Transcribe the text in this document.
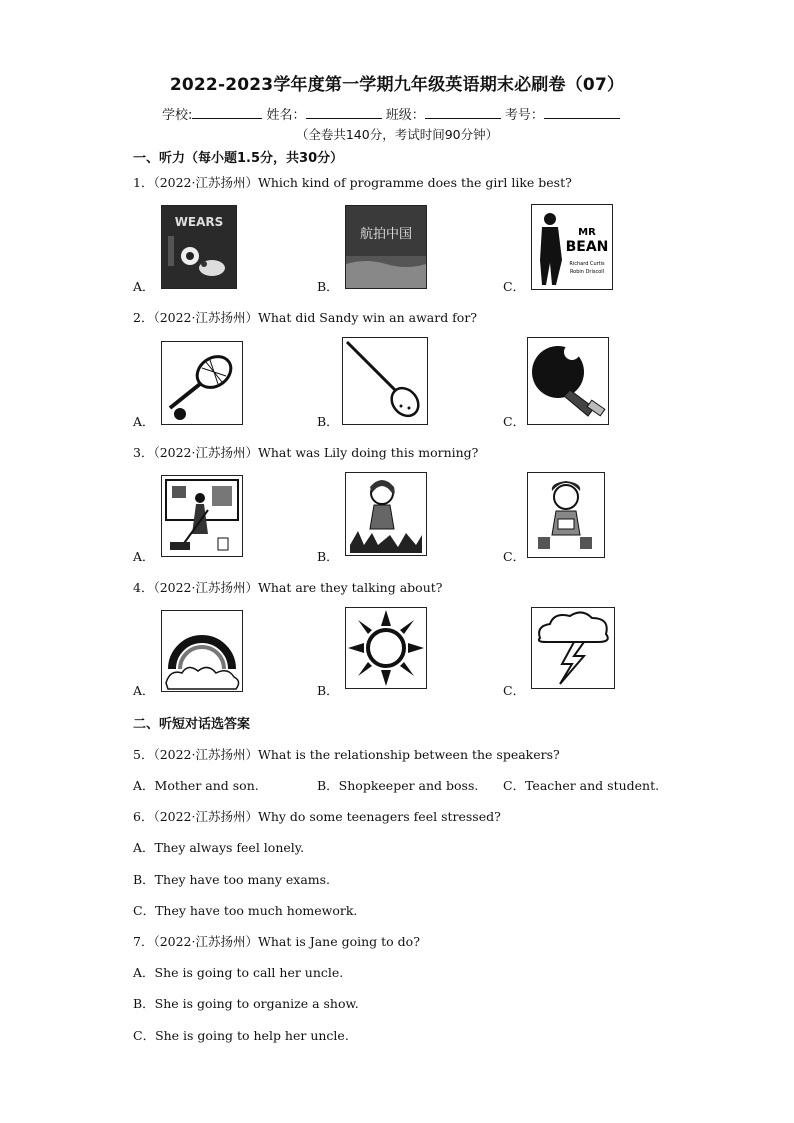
2022-2023学年度第一学期九年级英语期末必刷卷（07）
学校:	姓名：	班级：	考号：
（全卷共140分，考试时间90分钟）
一、听力（每小题1.5分，共30分）
1．（2022·江苏扬州）Which kind of programme does the girl like best?
WEARS
航拍中国	MR
BEAN
Richard Curtis
Robin Driscoll
A．	B．	C．
2．（2022·江苏扬州）What did Sandy win an award for?
A．	B．	C．
3．（2022·江苏扬州）What was Lily doing this morning?
A．	B．	C．
4．（2022·江苏扬州）What are they talking about?
A．	B．	C．
二、听短对话选答案
5．（2022·江苏扬州）What is the relationship between the speakers?
A．Mother and son.	B．Shopkeeper and boss. C．Teacher and student.
6．（2022·江苏扬州）Why do some teenagers feel stressed?
A．They always feel lonely.
B．They have too many exams.
C．They have too much homework.
7．（2022·江苏扬州）What is Jane going to do?
A．She is going to call her uncle.
B．She is going to organize a show.
C．She is going to help her uncle.
